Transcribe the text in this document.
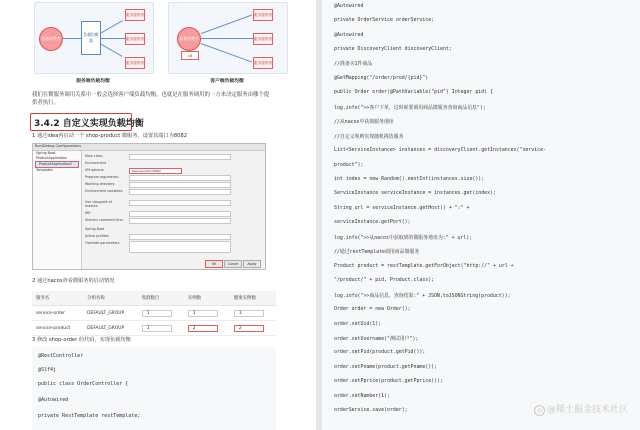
服务消费者
负载均衡器
服务提供者
服务提供者
服务提供者
服务端负载均衡
服务消费者
LB
服务提供者
服务提供者
服务提供者
客户端负载均衡
我们在微服务调用关系中一般会选择客户端负载均衡，也就是在服务调用的一方来决定服务由哪个提供者执行。
3.4.2 自定义实现负载均衡
1 通过idea再启动一个 shop-product 微服务，设置其端口为8082
Run/Debug Configurations
Spring Boot
ProductApplication
ProductApplication2
Templates
Main class:
Environment
VM options:	-Dserver.port=8082
Program arguments:
Working directory:
Environment variables:
Use classpath of module:
JRE:
Shorten command line:
Spring Boot
Active profiles:
Override parameters
OK	Cancel	Apply
2 通过nacos查看微服务的启动情况
服务名	分组名称	集群数目	实例数	健康实例数
service-order	DEFAULT_GROUP	1	1	1
service-product	DEFAULT_GROUP	1	2	2
3 修改 shop-order 的代码，实现负载均衡
@RestController
@Slf4j
public class OrderController {
@Autowired
private RestTemplate restTemplate;
@Autowired
private OrderService orderService;
@Autowired
private DiscoveryClient discoveryClient;
//准备买1件商品
@GetMapping("/order/prod/{pid}")
public Order order(@PathVariable("pid") Integer pid) {
log.info(">>客户下单，这时候要调用商品微服务查询商品信息");
//从nacos中获取服务地址
//自定义规则实现随机挑选服务
List<ServiceInstance> instances = discoveryClient.getInstances("service-
product");
int index = new Random().nextInt(instances.size());
ServiceInstance serviceInstance = instances.get(index);
String url = serviceInstance.getHost() + ":" +
serviceInstance.getPort();
log.info(">>从nacos中获取到的微服务地址为:" + url);
//通过restTemplate调用商品微服务
Product product = restTemplate.getForObject("http://" + url +
"/product/" + pid, Product.class);
log.info(">>商品信息，查询结果:" + JSON.toJSONString(product));
Order order = new Order();
order.setUid(1);
order.setUsername("测试用户");
order.setPid(product.getPid());
order.setPname(product.getPname());
order.setPprice(product.getPprice());
order.setNumber(1);
orderService.save(order);	◎ @稀土掘金技术社区
